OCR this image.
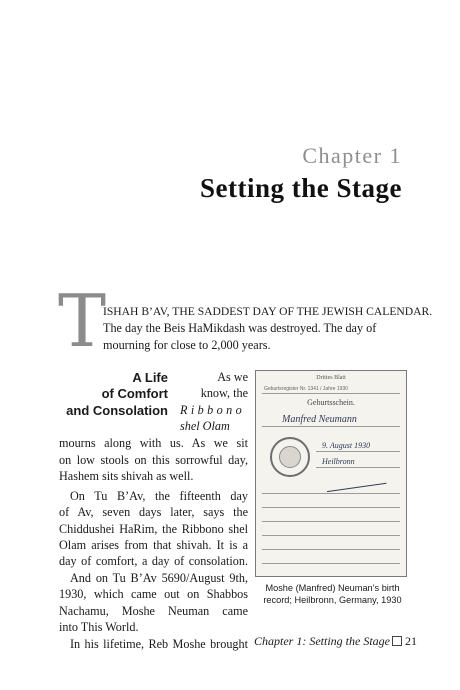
Chapter 1
Setting the Stage
T
ISHAH B’AV, THE SADDEST DAY OF THE JEWISH CALENDAR.
The day the Beis HaMikdash was destroyed. The day of
mourning for close to 2,000 years.
A Life
of Comfort
and Consolation
As we
know, the
Ribbono
shel Olam
mourns along with us. As we sit
on low stools on this sorrowful day,
Hashem sits shivah as well.
On Tu B’Av, the fifteenth day
of Av, seven days later, says the
Chiddushei HaRim, the Ribbono shel
Olam arises from that shivah. It is a
day of comfort, a day of consolation.
And on Tu B’Av 5690/August 9th,
1930, which came out on Shabbos
Nachamu, Moshe Neuman came
into This World.
In his lifetime, Reb Moshe brought
Drittes Blatt
Geburtsregister Nr. 1341 / Jahre 1930
Geburtsschein.
Manfred Neumann
9. August 1930
Heilbronn
Moshe (Manfred) Neuman’s birth
record; Heilbronn, Germany, 1930
Chapter 1: Setting the Stage 21
